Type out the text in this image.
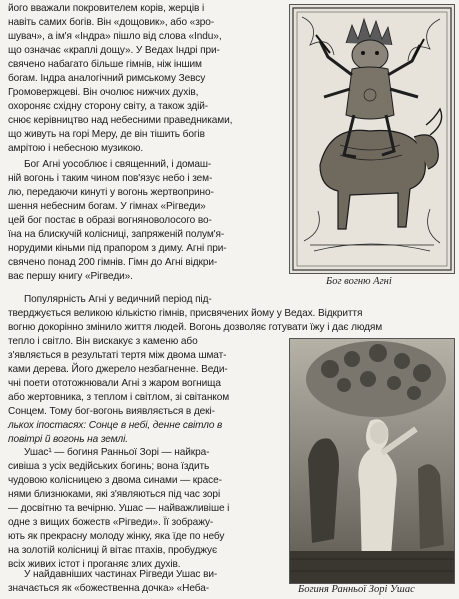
його вважали покровителем корів, жерців і
навіть самих богів. Він «дощовик», або «зро-
шувач», а ім'я «Індра» пішло від слова «Indu»,
що означає «краплі дощу». У Ведах Індрі при-
свячено набагато більше гімнів, ніж іншим
богам. Індра аналогічний римському Зевсу
Громовержцеві. Він очолює нижчих духів,
охороняє східну сторону світу, а також здій-
снює керівництво над небесними праведниками,
що живуть на горі Меру, де він тішить богів
амрітою і небесною музикою.
Бог Агні уособлює і священний, і домаш-
ній вогонь і таким чином пов'язує небо і зем-
лю, передаючи кинуті у вогонь жертвоприно-
шення небесним богам. У гімнах «Рігведи»
цей бог постає в образі вогняноволосого во-
їна на блискучій колісниці, запряженій полум'я-
норудими кіньми під прапором з диму. Агні при-
свячено понад 200 гімнів. Гімн до Агні відкри-
ває першу книгу «Рігведи».
Популярність Агні у ведичний період під-
тверджується великою кількістю гімнів, присвячених йому у Ведах. Відкриття
вогню докорінно змінило життя людей. Вогонь дозволяє готувати їжу і дає людям
тепло і світло. Він вискакує з каменю або
з'являється в результаті тертя між двома шмат-
ками дерева. Його джерело незбагненне. Веди-
чні поети ототожнювали Агні з жаром вогнища
або жертовника, з теплом і світлом, зі світанком
Сонцем. Тому бог-вогонь виявляється в декі-
лькох іпостасях: Сонце в небі, денне світло в
повітрі й вогонь на землі.
Ушас¹ — богиня Ранньої Зорі — найкра-
сивіша з усіх ведійських богинь; вона їздить
чудовою колісницею з двома синами — красе-
нями близнюками, які з'являються під час зорі
— досвітню та вечірню. Ушас — найважливіше і
одне з вищих божеств «Рігведи». Її зображу-
ють як прекрасну молоду жінку, яка їде по небу
на золотій колісниці й вітає птахів, пробуджує
всіх живих істот і проганяє злих духів.
У найдавніших частинах Рігведи Ушас ви-
значається як «божественна дочка» «Неба-
Бог вогню Агні
Богиня Ранньої Зорі Ушас
